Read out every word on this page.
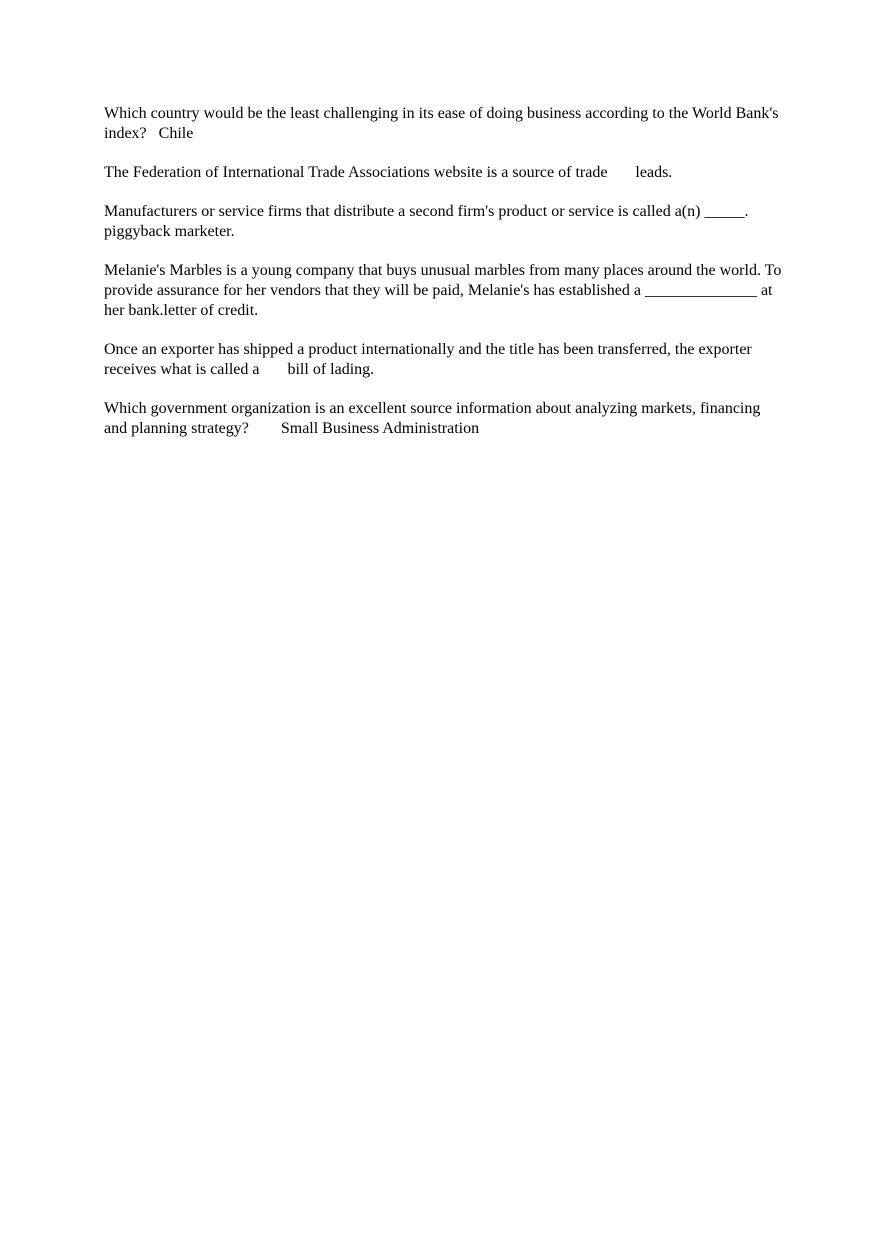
Which country would be the least challenging in its ease of doing business according to the World Bank's index? Chile

The Federation of International Trade Associations website is a source of trade leads.

Manufacturers or service firms that distribute a second firm's product or service is called a(n) _____. piggyback marketer.

Melanie's Marbles is a young company that buys unusual marbles from many places around the world. To provide assurance for her vendors that they will be paid, Melanie's has established a ______________ at her bank.letter of credit.

Once an exporter has shipped a product internationally and the title has been transferred, the exporter receives what is called a bill of lading.

Which government organization is an excellent source information about analyzing markets, financing and planning strategy? Small Business Administration
